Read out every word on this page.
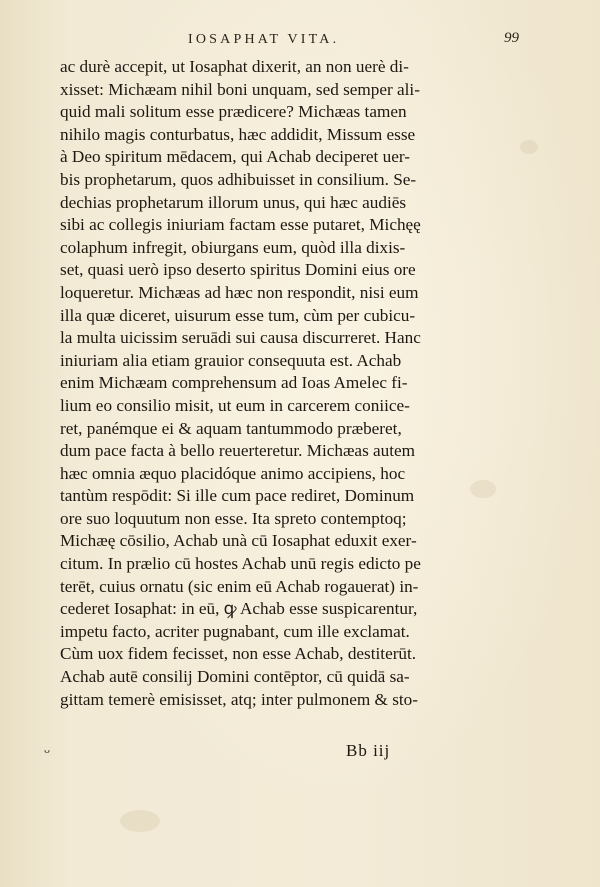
IOSAPHAT VITA.	99
ac durè accepit, ut Iosaphat dixerit, an non uerè di-
xisset: Michæam nihil boni unquam, sed semper ali-
quid mali solitum esse prædicere? Michæas tamen
nihilo magis conturbatus, hæc addidit, Missum esse
à Deo spiritum mēdacem, qui Achab deciperet uer-
bis prophetarum, quos adhibuisset in consilium. Se-
dechias prophetarum illorum unus, qui hæc audiēs
sibi ac collegis iniuriam factam esse putaret, Michęę
colaphum infregit, obiurgans eum, quòd illa dixis-
set, quasi uerò ipso deserto spiritus Domini eius ore
loqueretur. Michæas ad hæc non respondit, nisi eum
illa quæ diceret, uisurum esse tum, cùm per cubicu-
la multa uicissim seruādi sui causa discurreret. Hanc
iniuriam alia etiam grauior consequuta est. Achab
enim Michæam comprehensum ad Ioas Amelec fi-
lium eo consilio misit, ut eum in carcerem coniice-
ret, panémque ei & aquam tantummodo præberet,
dum pace facta à bello reuerteretur. Michæas autem
hæc omnia æquo placidóque animo accipiens, hoc
tantùm respōdit: Si ille cum pace rediret, Dominum
ore suo loquutum non esse. Ita spreto contemptoq;
Michæę cōsilio, Achab unà cū Iosaphat eduxit exer-
citum. In prælio cū hostes Achab unū regis edicto pe
terēt, cuius ornatu (sic enim eū Achab rogauerat) in-
cederet Iosaphat: in eū, ꝙ Achab esse suspicarentur,
impetu facto, acriter pugnabant, cum ille exclamat.
Cùm uox fidem fecisset, non esse Achab, destiterūt.
Achab autē consilij Domini contēptor, cū quidā sa-
gittam temerè emisisset, atq; inter pulmonem & sto-
ᴗ	Bb iij
